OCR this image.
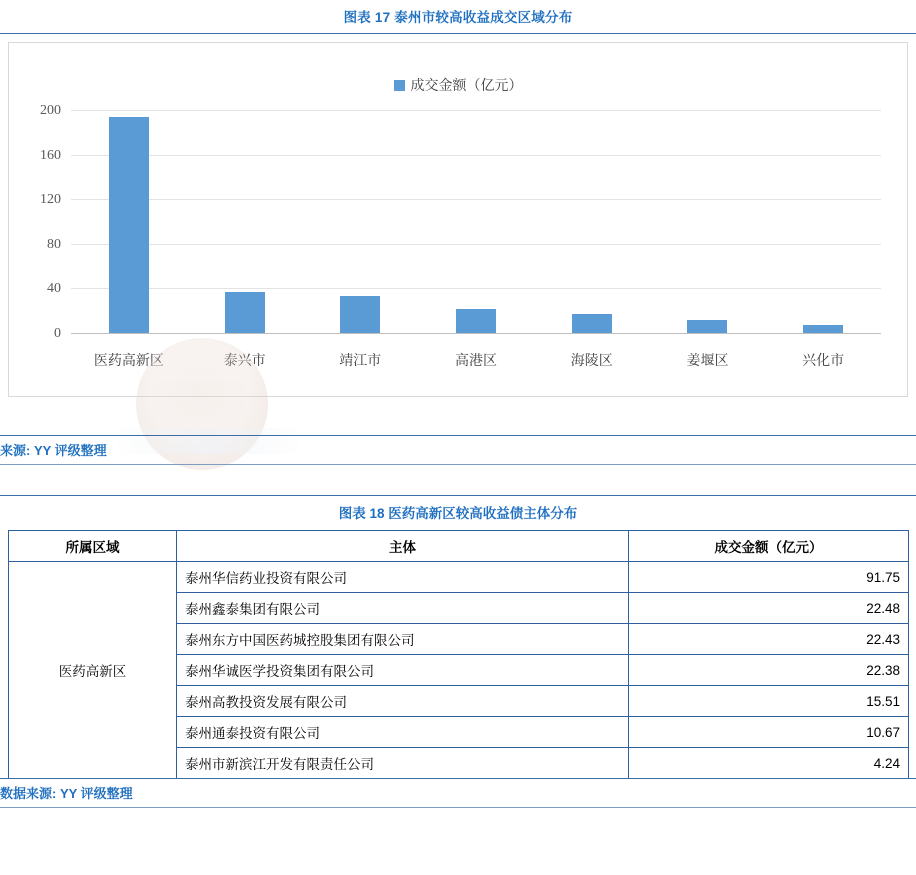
图表 17 泰州市较高收益成交区域分布
成交金额（亿元）
0
40
80
120
160
200
医药高新区	泰兴市	靖江市	高港区	海陵区	姜堰区	兴化市
来源: YY 评级整理
图表 18 医药高新区较高收益债主体分布
所属区域	主体	成交金额（亿元）
医药高新区	泰州华信药业投资有限公司	91.75
	泰州鑫泰集团有限公司	22.48
	泰州东方中国医药城控股集团有限公司	22.43
	泰州华诚医学投资集团有限公司	22.38
	泰州高教投资发展有限公司	15.51
	泰州通泰投资有限公司	10.67
	泰州市新滨江开发有限责任公司	4.24
数据来源: YY 评级整理
